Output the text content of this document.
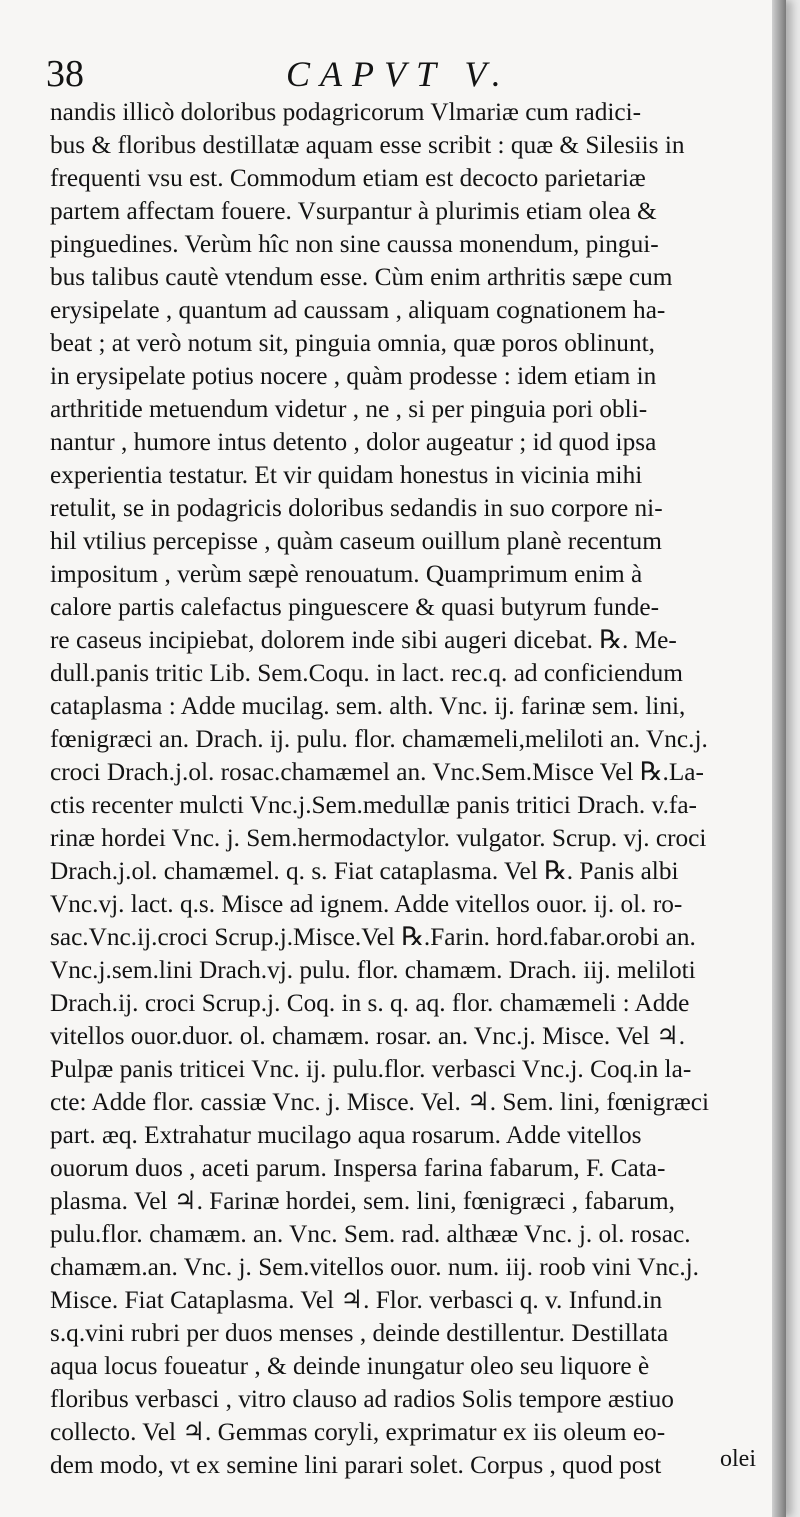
38	CAPVT V.
nandis illicò doloribus podagricorum Vlmariæ cum radici-
bus & floribus destillatæ aquam esse scribit : quæ & Silesiis in
frequenti vsu est. Commodum etiam est decocto parietariæ
partem affectam fouere. Vsurpantur à plurimis etiam olea &
pinguedines. Verùm hîc non sine caussa monendum, pingui-
bus talibus cautè vtendum esse. Cùm enim arthritis sæpe cum
erysipelate , quantum ad caussam , aliquam cognationem ha-
beat ; at verò notum sit, pinguia omnia, quæ poros oblinunt,
in erysipelate potius nocere , quàm prodesse : idem etiam in
arthritide metuendum videtur , ne , si per pinguia pori obli-
nantur , humore intus detento , dolor augeatur ; id quod ipsa
experientia testatur. Et vir quidam honestus in vicinia mihi
retulit, se in podagricis doloribus sedandis in suo corpore ni-
hil vtilius percepisse , quàm caseum ouillum planè recentum
impositum , verùm sæpè renouatum. Quamprimum enim à
calore partis calefactus pinguescere & quasi butyrum funde-
re caseus incipiebat, dolorem inde sibi augeri dicebat. ℞. Me-
dull.panis tritic Lib. Sem.Coqu. in lact. rec.q. ad conficiendum
cataplasma : Adde mucilag. sem. alth. Vnc. ij. farinæ sem. lini,
fœnigræci an. Drach. ij. pulu. flor. chamæmeli,meliloti an. Vnc.j.
croci Drach.j.ol. rosac.chamæmel an. Vnc.Sem.Misce Vel ℞.La-
ctis recenter mulcti Vnc.j.Sem.medullæ panis tritici Drach. v.fa-
rinæ hordei Vnc. j. Sem.hermodactylor. vulgator. Scrup. vj. croci
Drach.j.ol. chamæmel. q. s. Fiat cataplasma. Vel ℞. Panis albi
Vnc.vj. lact. q.s. Misce ad ignem. Adde vitellos ouor. ij. ol. ro-
sac.Vnc.ij.croci Scrup.j.Misce.Vel ℞.Farin. hord.fabar.orobi an.
Vnc.j.sem.lini Drach.vj. pulu. flor. chamæm. Drach. iij. meliloti
Drach.ij. croci Scrup.j. Coq. in s. q. aq. flor. chamæmeli : Adde
vitellos ouor.duor. ol. chamæm. rosar. an. Vnc.j. Misce. Vel ♃.
Pulpæ panis triticei Vnc. ij. pulu.flor. verbasci Vnc.j. Coq.in la-
cte: Adde flor. cassiæ Vnc. j. Misce. Vel. ♃. Sem. lini, fœnigræci
part. æq. Extrahatur mucilago aqua rosarum. Adde vitellos
ouorum duos , aceti parum. Inspersa farina fabarum, F. Cata-
plasma. Vel ♃. Farinæ hordei, sem. lini, fœnigræci , fabarum,
pulu.flor. chamæm. an. Vnc. Sem. rad. althææ Vnc. j. ol. rosac.
chamæm.an. Vnc. j. Sem.vitellos ouor. num. iij. roob vini Vnc.j.
Misce. Fiat Cataplasma. Vel ♃. Flor. verbasci q. v. Infund.in
s.q.vini rubri per duos menses , deinde destillentur. Destillata
aqua locus foueatur , & deinde inungatur oleo seu liquore è
floribus verbasci , vitro clauso ad radios Solis tempore æstiuo
collecto. Vel ♃. Gemmas coryli, exprimatur ex iis oleum eo-
dem modo, vt ex semine lini parari solet. Corpus , quod post	olei
